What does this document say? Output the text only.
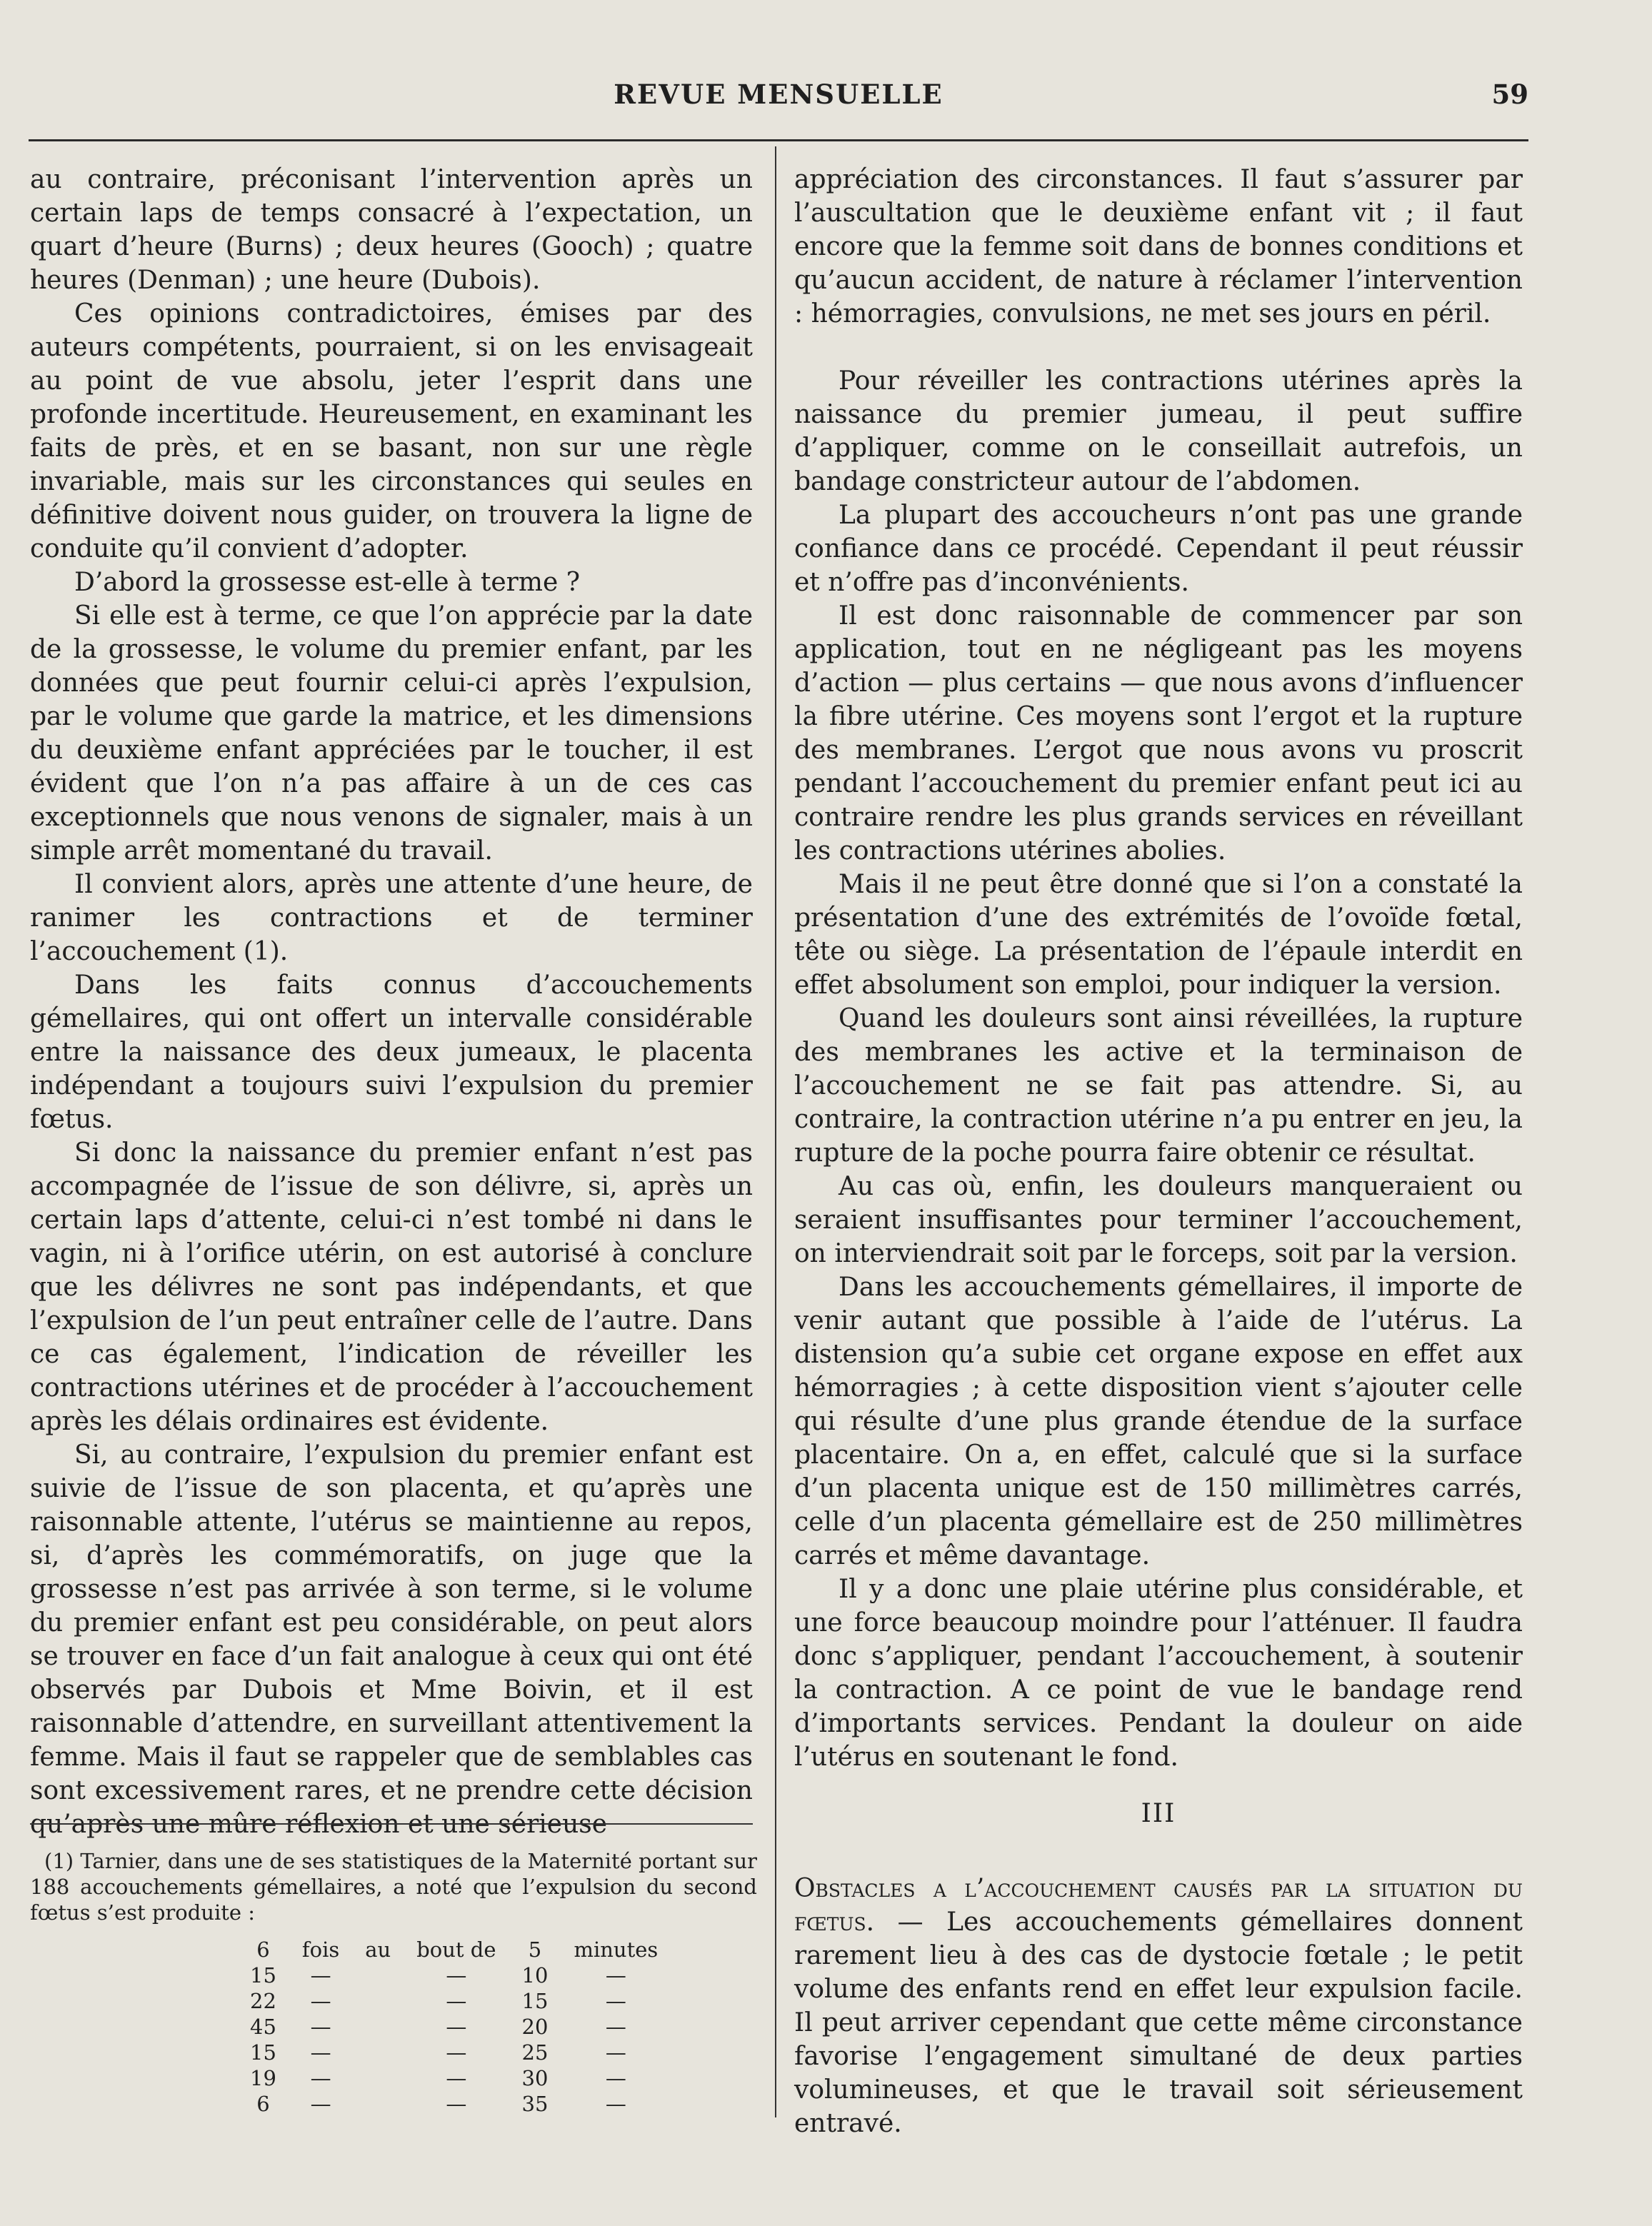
REVUE MENSUELLE	59

au contraire, préconisant l’intervention après un certain laps de temps consacré à l’expectation, un quart d’heure (Burns) ; deux heures (Gooch) ; quatre heures (Denman) ; une heure (Dubois).

Ces opinions contradictoires, émises par des auteurs compétents, pourraient, si on les envisageait au point de vue absolu, jeter l’esprit dans une profonde incertitude. Heureusement, en examinant les faits de près, et en se basant, non sur une règle invariable, mais sur les circonstances qui seules en définitive doivent nous guider, on trouvera la ligne de conduite qu’il convient d’adopter.

D’abord la grossesse est-elle à terme ?

Si elle est à terme, ce que l’on apprécie par la date de la grossesse, le volume du premier enfant, par les données que peut fournir celui-ci après l’expulsion, par le volume que garde la matrice, et les dimensions du deuxième enfant appréciées par le toucher, il est évident que l’on n’a pas affaire à un de ces cas exceptionnels que nous venons de signaler, mais à un simple arrêt momentané du travail.

Il convient alors, après une attente d’une heure, de ranimer les contractions et de terminer l’accouchement (1).

Dans les faits connus d’accouchements gémellaires, qui ont offert un intervalle considérable entre la naissance des deux jumeaux, le placenta indépendant a toujours suivi l’expulsion du premier fœtus.

Si donc la naissance du premier enfant n’est pas accompagnée de l’issue de son délivre, si, après un certain laps d’attente, celui-ci n’est tombé ni dans le vagin, ni à l’orifice utérin, on est autorisé à conclure que les délivres ne sont pas indépendants, et que l’expulsion de l’un peut entraîner celle de l’autre. Dans ce cas également, l’indication de réveiller les contractions utérines et de procéder à l’accouchement après les délais ordinaires est évidente.

Si, au contraire, l’expulsion du premier enfant est suivie de l’issue de son placenta, et qu’après une raisonnable attente, l’utérus se maintienne au repos, si, d’après les commémoratifs, on juge que la grossesse n’est pas arrivée à son terme, si le volume du premier enfant est peu considérable, on peut alors se trouver en face d’un fait analogue à ceux qui ont été observés par Dubois et Mme Boivin, et il est raisonnable d’attendre, en surveillant attentivement la femme. Mais il faut se rappeler que de semblables cas sont excessivement rares, et ne prendre cette décision qu’après une mûre réflexion et une sérieuse

(1) Tarnier, dans une de ses statistiques de la Maternité portant sur 188 accouchements gémellaires, a noté que l’expulsion du second fœtus s’est produite :

6	fois	au	bout de	5	minutes
15	—		—	10	—
22	—		—	15	—
45	—		—	20	—
15	—		—	25	—
19	—		—	30	—
6	—		—	35	—

appréciation des circonstances. Il faut s’assurer par l’auscultation que le deuxième enfant vit ; il faut encore que la femme soit dans de bonnes conditions et qu’aucun accident, de nature à réclamer l’intervention : hémorragies, convulsions, ne met ses jours en péril.

Pour réveiller les contractions utérines après la naissance du premier jumeau, il peut suffire d’appliquer, comme on le conseillait autrefois, un bandage constricteur autour de l’abdomen.

La plupart des accoucheurs n’ont pas une grande confiance dans ce procédé. Cependant il peut réussir et n’offre pas d’inconvénients.

Il est donc raisonnable de commencer par son application, tout en ne négligeant pas les moyens d’action — plus certains — que nous avons d’influencer la fibre utérine. Ces moyens sont l’ergot et la rupture des membranes. L’ergot que nous avons vu proscrit pendant l’accouchement du premier enfant peut ici au contraire rendre les plus grands services en réveillant les contractions utérines abolies.

Mais il ne peut être donné que si l’on a constaté la présentation d’une des extrémités de l’ovoïde fœtal, tête ou siège. La présentation de l’épaule interdit en effet absolument son emploi, pour indiquer la version.

Quand les douleurs sont ainsi réveillées, la rupture des membranes les active et la terminaison de l’accouchement ne se fait pas attendre. Si, au contraire, la contraction utérine n’a pu entrer en jeu, la rupture de la poche pourra faire obtenir ce résultat.

Au cas où, enfin, les douleurs manqueraient ou seraient insuffisantes pour terminer l’accouchement, on interviendrait soit par le forceps, soit par la version.

Dans les accouchements gémellaires, il importe de venir autant que possible à l’aide de l’utérus. La distension qu’a subie cet organe expose en effet aux hémorragies ; à cette disposition vient s’ajouter celle qui résulte d’une plus grande étendue de la surface placentaire. On a, en effet, calculé que si la surface d’un placenta unique est de 150 millimètres carrés, celle d’un placenta gémellaire est de 250 millimètres carrés et même davantage.

Il y a donc une plaie utérine plus considérable, et une force beaucoup moindre pour l’atténuer. Il faudra donc s’appliquer, pendant l’accouchement, à soutenir la contraction. A ce point de vue le bandage rend d’importants services. Pendant la douleur on aide l’utérus en soutenant le fond.

III

Obstacles a l’accouchement causés par la situation du fœtus. — Les accouchements gémellaires donnent rarement lieu à des cas de dystocie fœtale ; le petit volume des enfants rend en effet leur expulsion facile. Il peut arriver cependant que cette même circonstance favorise l’engagement simultané de deux parties volumineuses, et que le travail soit sérieusement entravé.
